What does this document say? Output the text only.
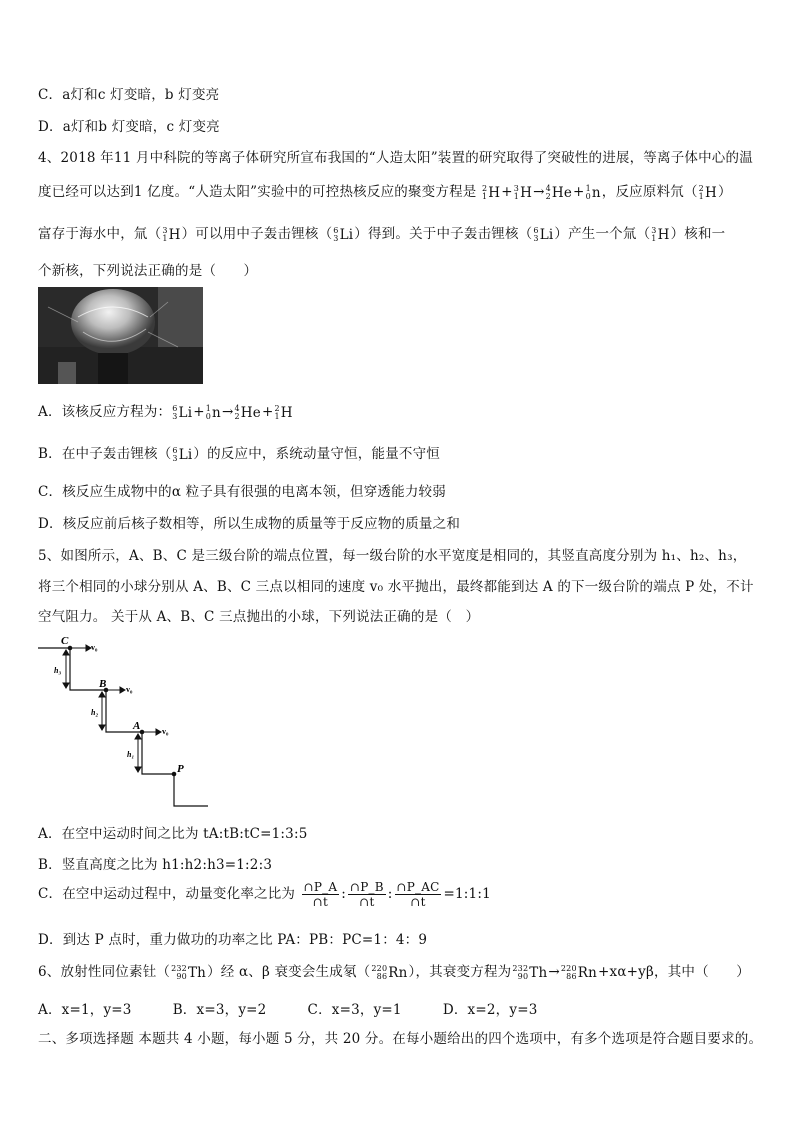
C．a灯和c 灯变暗，b 灯变亮
D．a灯和b 灯变暗，c 灯变亮
4、2018 年11 月中科院的等离子体研究所宣布我国的“人造太阳”装置的研究取得了突破性的进展，等离子体中心的温
度已经可以达到1 亿度。“人造太阳”实验中的可控热核反应的聚变方程是 2
1 H + 3
1 H → 4
2 He + 1
0 n ，反应原料氘（ 2
1 H ）
富存于海水中，氚（ 3
1 H ）可以用中子轰击锂核（ 6
3 Li ）得到。关于中子轰击锂核（ 6
3 Li ）产生一个氚（ 3
1 H ）核和一
个新核，下列说法正确的是（　　）
A．该核反应方程为： 6
3 Li + 1
0 n → 4
2 He + 2
1 H
B．在中子轰击锂核（ 6
3 Li ）的反应中，系统动量守恒，能量不守恒
C．核反应生成物中的α 粒子具有很强的电离本领，但穿透能力较弱
D．核反应前后核子数相等，所以生成物的质量等于反应物的质量之和
5、如图所示，A、B、C 是三级台阶的端点位置，每一级台阶的水平宽度是相同的，其竖直高度分别为 h₁、h₂、h₃，
将三个相同的小球分别从 A、B、C 三点以相同的速度 v₀ 水平抛出，最终都能到达 A 的下一级台阶的端点 P 处，不计
空气阻力。 关于从 A、B、C 三点抛出的小球，下列说法正确的是（　）
C
v₀
B v₀
A	v₀
P
h₃
h₂
h₁
A．在空中运动时间之比为 tA:tB:tC=1:3:5
B．竖直高度之比为 h1:h2:h3=1:2:3
C．在空中运动过程中，动量变化率之比为 $\frac{\cap P\_A}{\cap t}$ : $\frac{\cap P\_B}{\cap t}$ : $\frac{\cap P\_AC}{\cap t}$ =1:1:1
D．到达 P 点时，重力做功的功率之比 PA：PB：PC=1：4：9
6、放射性同位素钍（ 232
90 Th ）经 α、β 衰变会生成氡（ 220
86 Rn ），其衰变方程为 232
90 Th → 220
86 Rn +xα+yβ，其中（　　）
A．x=1，y=3　　　B．x=3，y=2　　　C．x=3，y=1　　　D．x=2，y=3
二、多项选择题 本题共 4 小题，每小题 5 分，共 20 分。在每小题给出的四个选项中，有多个选项是符合题目要求的。
